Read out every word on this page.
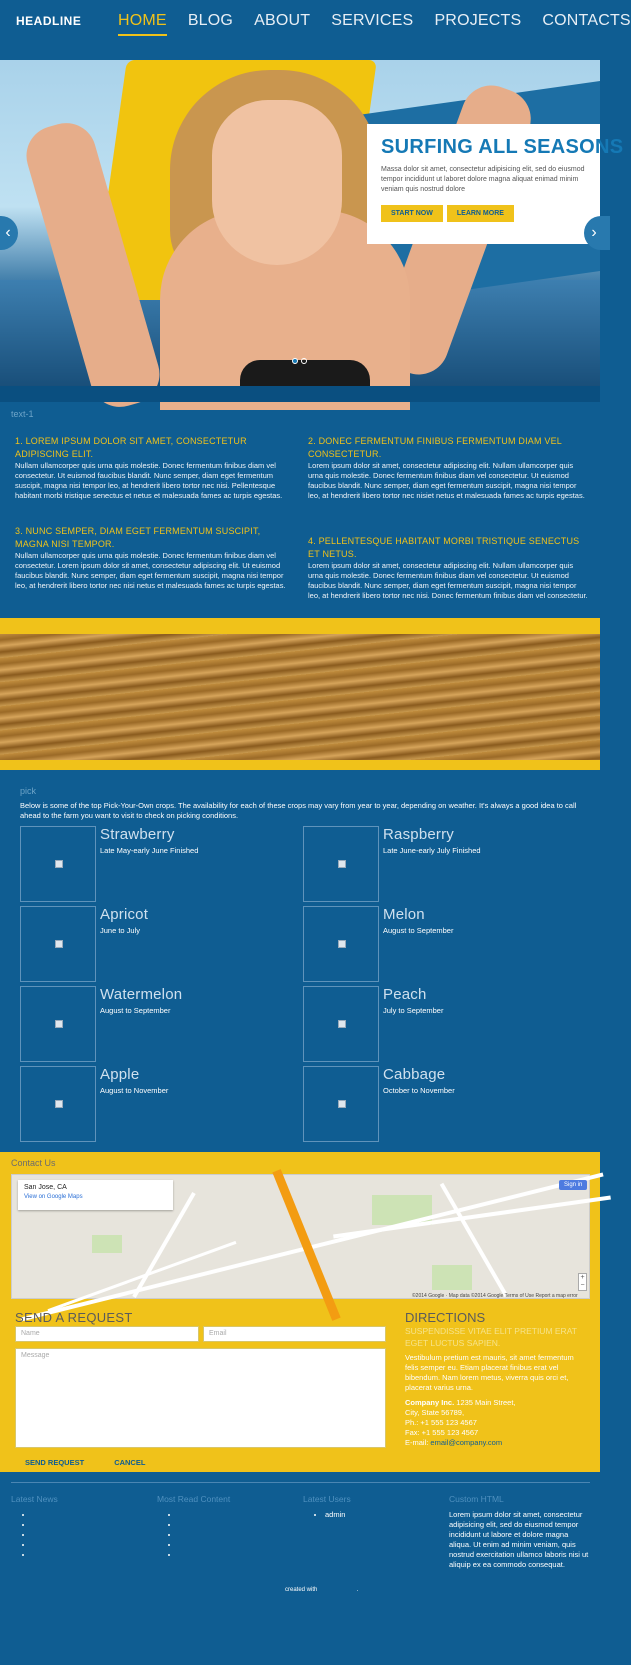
HEADLINE HOME BLOG ABOUT SERVICES PROJECTS CONTACTS
SURFING ALL SEASONS

Massa dolor sit amet, consectetur adipisicing elit, sed do eiusmod tempor incididunt ut laboret dolore magna aliquat enimad minim veniam quis nostrud dolore

START NOW	LEARN MORE
‹	›
text-1
1. LOREM IPSUM DOLOR SIT AMET, CONSECTETUR ADIPISCING ELIT.

Nullam ullamcorper quis urna quis molestie. Donec fermentum finibus diam vel consectetur. Ut euismod faucibus blandit. Nunc semper, diam eget fermentum suscipit, magna nisi tempor leo, at hendrerit libero tortor nec nisi. Pellentesque habitant morbi tristique senectus et netus et malesuada fames ac turpis egestas.

2. DONEC FERMENTUM FINIBUS FERMENTUM DIAM VEL CONSECTETUR.

Lorem ipsum dolor sit amet, consectetur adipiscing elit. Nullam ullamcorper quis urna quis molestie. Donec fermentum finibus diam vel consectetur. Ut euismod faucibus blandit. Nunc semper, diam eget fermentum suscipit, magna nisi tempor leo, at hendrerit libero tortor nec nisiet netus et malesuada fames ac turpis egestas.

3. NUNC SEMPER, DIAM EGET FERMENTUM SUSCIPIT, MAGNA NISI TEMPOR.

Nullam ullamcorper quis urna quis molestie. Donec fermentum finibus diam vel consectetur. Lorem ipsum dolor sit amet, consectetur adipiscing elit. Ut euismod faucibus blandit. Nunc semper, diam eget fermentum suscipit, magna nisi tempor leo, at hendrerit libero tortor nec nisi netus et malesuada fames ac turpis egestas.

4. PELLENTESQUE HABITANT MORBI TRISTIQUE SENECTUS ET NETUS.

Lorem ipsum dolor sit amet, consectetur adipiscing elit. Nullam ullamcorper quis urna quis molestie. Donec fermentum finibus diam vel consectetur. Ut euismod faucibus blandit. Nunc semper, diam eget fermentum suscipit, magna nisi tempor leo, at hendrerit libero tortor nec nisi. Donec fermentum finibus diam vel consectetur.

pick
Below is some of the top Pick-Your-Own crops. The availability for each of these crops may vary from year to year, depending on weather. It's always a good idea to call ahead to the farm you want to visit to check on picking conditions.
Strawberry
Late May-early June Finished
Raspberry
Late June-early July Finished
Apricot
June to July
Melon
August to September
Watermelon
August to September
Peach
July to September
Apple
August to November
Cabbage
October to November
Contact Us
San Jose, CA
View on Google Maps
Sign in
+
−
©2014 Google · Map data ©2014 Google Terms of Use Report a map error
SEND A REQUEST
Name	Email
Message
SEND REQUEST	CANCEL
DIRECTIONS
SUSPENDISSE VITAE ELIT PRETIUM ERAT EGET LUCTUS SAPIEN.
Vestibulum pretium est mauris, sit amet fermentum felis semper eu. Etiam placerat finibus erat vel bibendum. Nam lorem metus, viverra quis orci et, placerat varius urna.
Company Inc. 1235 Main Street,
City, State 56789,
Ph.: +1 555 123 4567
Fax: +1 555 123 4567
E-mail: email@company.com
Latest News
•
•
•
•
•	Most Read Content
•
•
•
•
•	Latest Users
• admin
Custom HTML
Lorem ipsum dolor sit amet, consectetur adipisicing elit, sed do eiusmod tempor incididunt ut labore et dolore magna aliqua. Ut enim ad minim veniam, quis nostrud exercitation ullamco laboris nisi ut aliquip ex ea commodo consequat.
created with	.
